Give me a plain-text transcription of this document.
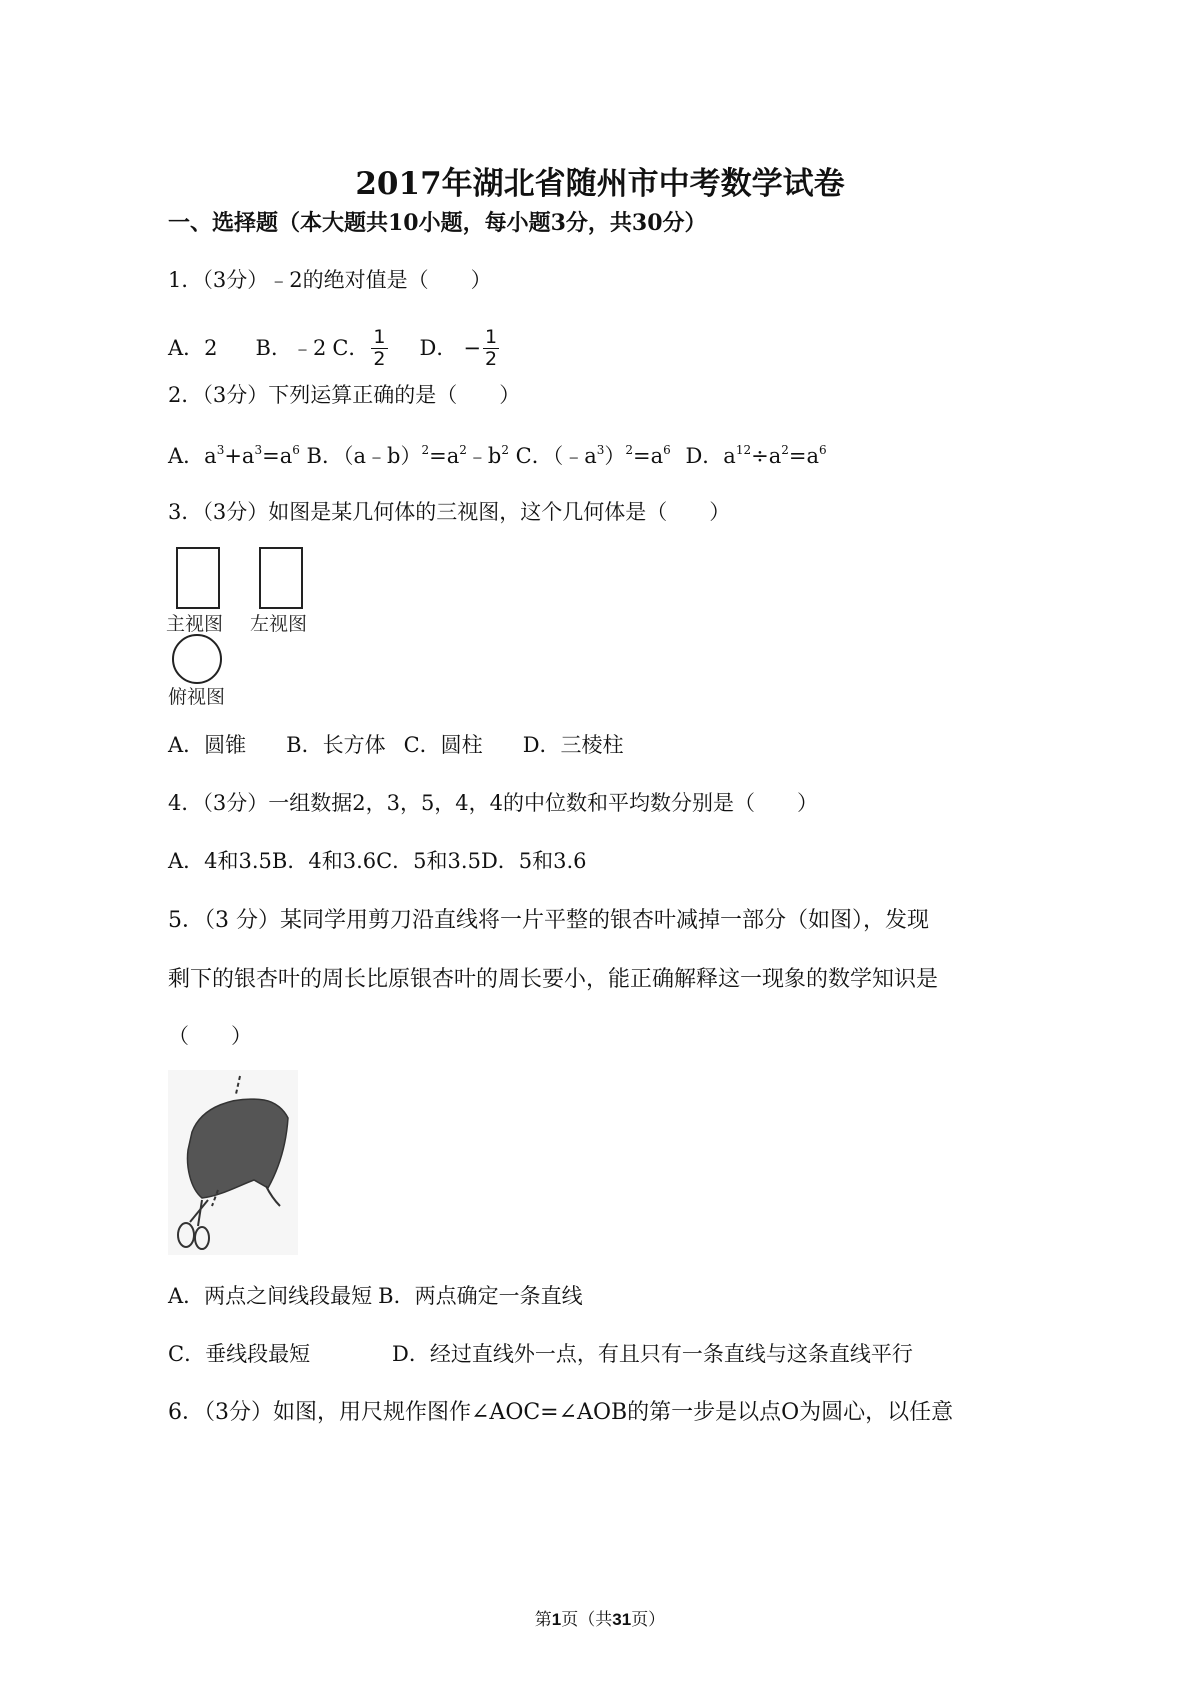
2017年湖北省随州市中考数学试卷
一、选择题（本大题共10小题，每小题3分，共30分）
1．（3分）﹣2的绝对值是（　　）
A．2 B．﹣2 C． $\frac{1}{2}$ D． − $\frac{1}{2}$
2．（3分）下列运算正确的是（　　）
A．$a^3+a^3=a^6$ B．$(a﹣b)^2=a^2﹣b^2$ C．$(﹣a^3)^2=a^6$ D．$a^{12}\div a^2=a^6$
3．（3分）如图是某几何体的三视图，这个几何体是（　　）
主视图 左视图
俯视图
A．圆锥 B．长方体 C．圆柱 D．三棱柱
4．（3分）一组数据2，3，5，4，4的中位数和平均数分别是（　　）
A．4和3.5B．4和3.6C．5和3.5D．5和3.6
5．（3 分）某同学用剪刀沿直线将一片平整的银杏叶减掉一部分（如图），发现
剩下的银杏叶的周长比原银杏叶的周长要小，能正确解释这一现象的数学知识是
（　　）
A．两点之间线段最短 B．两点确定一条直线
C．垂线段最短	D．经过直线外一点，有且只有一条直线与这条直线平行
6．（3分）如图，用尺规作图作∠AOC=∠AOB的第一步是以点O为圆心，以任意
第1页（共31页）
